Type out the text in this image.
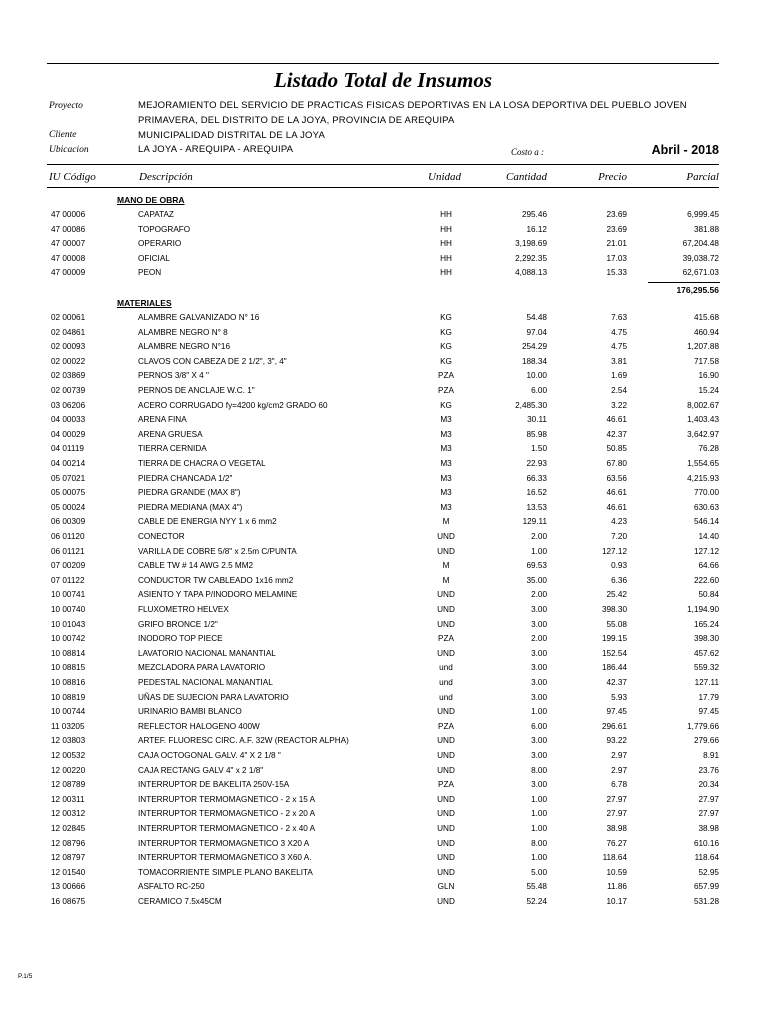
Listado Total de Insumos
Proyecto	MEJORAMIENTO DEL SERVICIO DE PRACTICAS FISICAS DEPORTIVAS EN LA LOSA DEPORTIVA DEL PUEBLO JOVEN
PRIMAVERA, DEL DISTRITO DE LA JOYA, PROVINCIA DE AREQUIPA
Cliente	MUNICIPALIDAD DISTRITAL DE LA JOYA
Ubicacion	LA JOYA - AREQUIPA - AREQUIPA	Costo a :	Abril - 2018
IU Código	Descripción	Unidad	Cantidad	Precio	Parcial
MANO DE OBRA
47 00006	CAPATAZ	HH	295.46	23.69	6,999.45
47 00086	TOPOGRAFO	HH	16.12	23.69	381.88
47 00007	OPERARIO	HH	3,198.69	21.01	67,204.48
47 00008	OFICIAL	HH	2,292.35	17.03	39,038.72
47 00009	PEON	HH	4,088.13	15.33	62,671.03
176,295.56
MATERIALES
02 00061	ALAMBRE GALVANIZADO N° 16	KG	54.48	7.63	415.68
02 04861	ALAMBRE NEGRO N° 8	KG	97.04	4.75	460.94
02 00093	ALAMBRE NEGRO N°16	KG	254.29	4.75	1,207.88
02 00022	CLAVOS CON CABEZA DE 2 1/2", 3", 4"	KG	188.34	3.81	717.58
02 03869	PERNOS 3/8" X 4 "	PZA	10.00	1.69	16.90
02 00739	PERNOS DE ANCLAJE W.C. 1"	PZA	6.00	2.54	15.24
03 06206	ACERO CORRUGADO fy=4200 kg/cm2 GRADO 60	KG	2,485.30	3.22	8,002.67
04 00033	ARENA FINA	M3	30.11	46.61	1,403.43
04 00029	ARENA GRUESA	M3	85.98	42.37	3,642.97
04 01119	TIERRA CERNIDA	M3	1.50	50.85	76.28
04 00214	TIERRA DE CHACRA O VEGETAL	M3	22.93	67.80	1,554.65
05 07021	PIEDRA CHANCADA 1/2"	M3	66.33	63.56	4,215.93
05 00075	PIEDRA GRANDE (MAX 8")	M3	16.52	46.61	770.00
05 00024	PIEDRA MEDIANA (MAX 4")	M3	13.53	46.61	630.63
06 00309	CABLE DE ENERGIA NYY 1 x 6 mm2	M	129.11	4.23	546.14
06 01120	CONECTOR	UND	2.00	7.20	14.40
06 01121	VARILLA DE COBRE 5/8" x 2.5m C/PUNTA	UND	1.00	127.12	127.12
07 00209	CABLE TW # 14 AWG 2.5 MM2	M	69.53	0.93	64.66
07 01122	CONDUCTOR TW CABLEADO 1x16 mm2	M	35.00	6.36	222.60
10 00741	ASIENTO Y TAPA P/INODORO MELAMINE	UND	2.00	25.42	50.84
10 00740	FLUXOMETRO HELVEX	UND	3.00	398.30	1,194.90
10 01043	GRIFO BRONCE 1/2"	UND	3.00	55.08	165.24
10 00742	INODORO TOP PIECE	PZA	2.00	199.15	398.30
10 08814	LAVATORIO NACIONAL MANANTIAL	UND	3.00	152.54	457.62
10 08815	MEZCLADORA PARA LAVATORIO	und	3.00	186.44	559.32
10 08816	PEDESTAL NACIONAL MANANTIAL	und	3.00	42.37	127.11
10 08819	UÑAS DE SUJECION PARA LAVATORIO	und	3.00	5.93	17.79
10 00744	URINARIO BAMBI BLANCO	UND	1.00	97.45	97.45
11 03205	REFLECTOR HALOGENO 400W	PZA	6.00	296.61	1,779.66
12 03803	ARTEF. FLUORESC CIRC. A.F. 32W (REACTOR ALPHA)	UND	3.00	93.22	279.66
12 00532	CAJA OCTOGONAL GALV. 4" X 2 1/8 "	UND	3.00	2.97	8.91
12 00220	CAJA RECTANG GALV 4" x 2 1/8"	UND	8.00	2.97	23.76
12 08789	INTERRUPTOR DE BAKELITA 250V-15A	PZA	3.00	6.78	20.34
12 00311	INTERRUPTOR TERMOMAGNETICO - 2 x 15 A	UND	1.00	27.97	27.97
12 00312	INTERRUPTOR TERMOMAGNETICO - 2 x 20 A	UND	1.00	27.97	27.97
12 02845	INTERRUPTOR TERMOMAGNETICO - 2 x 40 A	UND	1.00	38.98	38.98
12 08796	INTERRUPTOR TERMOMAGNETICO 3 X20 A	UND	8.00	76.27	610.16
12 08797	INTERRUPTOR TERMOMAGNETICO 3 X60 A.	UND	1.00	118.64	118.64
12 01540	TOMACORRIENTE SIMPLE PLANO BAKELITA	UND	5.00	10.59	52.95
13 00666	ASFALTO RC-250	GLN	55.48	11.86	657.99
16 08675	CERAMICO 7.5x45CM	UND	52.24	10.17	531.28
P.1/5
